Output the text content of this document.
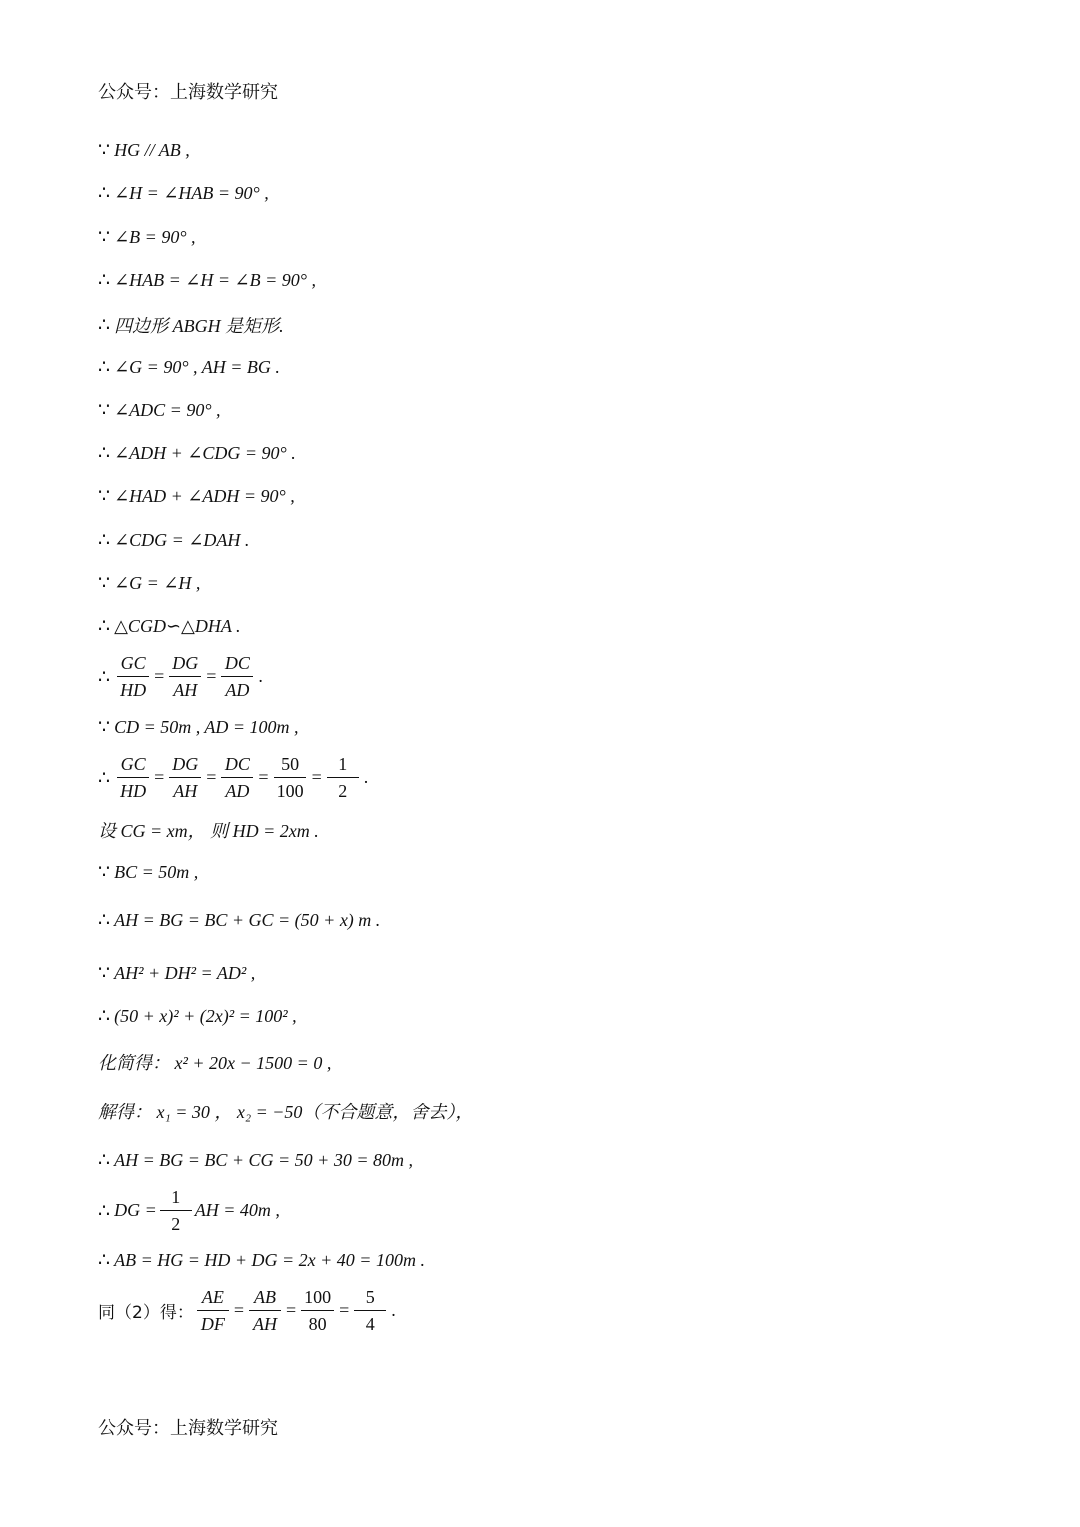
公众号：上海数学研究
∵ HG // AB ,
∴ ∠H = ∠HAB = 90° ,
∵ ∠B = 90° ,
∴ ∠HAB = ∠H = ∠B = 90° ,
∴ 四边形 ABGH 是矩形.
∴ ∠G = 90° , AH = BG .
∵ ∠ADC = 90° ,
∴ ∠ADH + ∠CDG = 90° .
∵ ∠HAD + ∠ADH = 90° ,
∴ ∠CDG = ∠DAH .
∵ ∠G = ∠H ,
∴ △CGD∽△DHA .
∴ $\frac{GC}{HD} = \frac{DG}{AH} = \frac{DC}{AD}$ .
∵ CD = 50m , AD = 100m ,
∴ $\frac{GC}{HD} = \frac{DG}{AH} = \frac{DC}{AD} = \frac{50}{100} = \frac{1}{2}$ .
设 CG = xm， 则 HD = 2xm .
∵ BC = 50m ,
∴ AH = BG = BC + GC = (50 + x) m .
∵ AH² + DH² = AD² ,
∴ (50 + x)² + (2x)² = 100² ,
化简得： x² + 20x − 1500 = 0 ,
解得： x₁ = 30 ， x₂ = −50（不合题意，舍去），
∴ AH = BG = BC + CG = 50 + 30 = 80m ,
∴ DG = $\frac{1}{2}$ AH = 40m ,
∴ AB = HG = HD + DG = 2x + 40 = 100m .
同（2）得： $\frac{AE}{DF} = \frac{AB}{AH} = \frac{100}{80} = \frac{5}{4}$ .
公众号：上海数学研究
